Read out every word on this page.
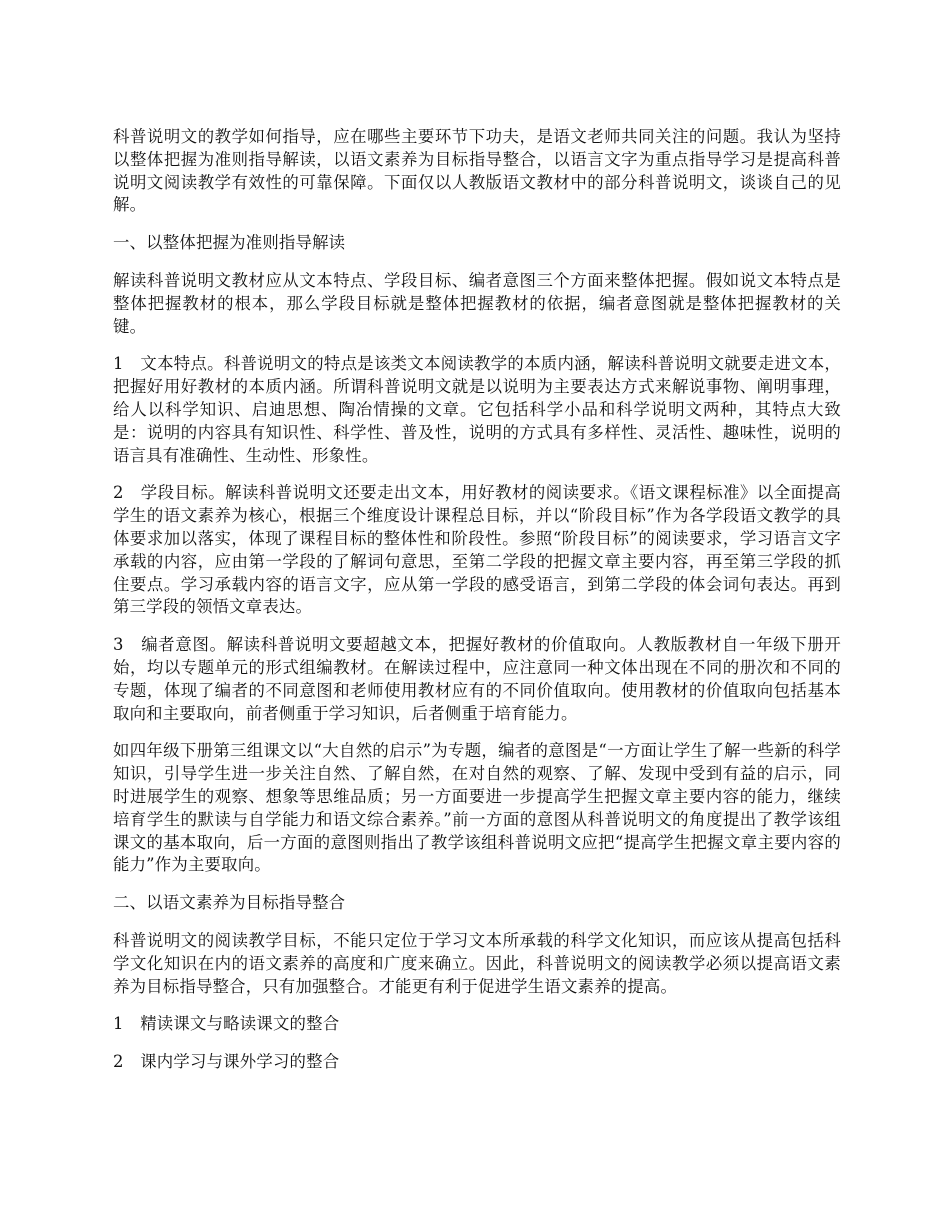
科普说明文的教学如何指导，应在哪些主要环节下功夫，是语文老师共同关注的问题。我认为坚持以整体把握为准则指导解读，以语文素养为目标指导整合，以语言文字为重点指导学习是提高科普说明文阅读教学有效性的可靠保障。下面仅以人教版语文教材中的部分科普说明文，谈谈自己的见解。

一、以整体把握为准则指导解读

解读科普说明文教材应从文本特点、学段目标、编者意图三个方面来整体把握。假如说文本特点是整体把握教材的根本，那么学段目标就是整体把握教材的依据，编者意图就是整体把握教材的关键。

1　文本特点。科普说明文的特点是该类文本阅读教学的本质内涵，解读科普说明文就要走进文本，把握好用好教材的本质内涵。所谓科普说明文就是以说明为主要表达方式来解说事物、阐明事理，给人以科学知识、启迪思想、陶冶情操的文章。它包括科学小品和科学说明文两种，其特点大致是：说明的内容具有知识性、科学性、普及性，说明的方式具有多样性、灵活性、趣味性，说明的语言具有准确性、生动性、形象性。

2　学段目标。解读科普说明文还要走出文本，用好教材的阅读要求。《语文课程标准》以全面提高学生的语文素养为核心，根据三个维度设计课程总目标，并以“阶段目标”作为各学段语文教学的具体要求加以落实，体现了课程目标的整体性和阶段性。参照“阶段目标”的阅读要求，学习语言文字承载的内容，应由第一学段的了解词句意思，至第二学段的把握文章主要内容，再至第三学段的抓住要点。学习承载内容的语言文字，应从第一学段的感受语言，到第二学段的体会词句表达。再到第三学段的领悟文章表达。

3　编者意图。解读科普说明文要超越文本，把握好教材的价值取向。人教版教材自一年级下册开始，均以专题单元的形式组编教材。在解读过程中，应注意同一种文体出现在不同的册次和不同的专题，体现了编者的不同意图和老师使用教材应有的不同价值取向。使用教材的价值取向包括基本取向和主要取向，前者侧重于学习知识，后者侧重于培育能力。

如四年级下册第三组课文以“大自然的启示”为专题，编者的意图是“一方面让学生了解一些新的科学知识，引导学生进一步关注自然、了解自然，在对自然的观察、了解、发现中受到有益的启示，同时进展学生的观察、想象等思维品质；另一方面要进一步提高学生把握文章主要内容的能力，继续培育学生的默读与自学能力和语文综合素养。”前一方面的意图从科普说明文的角度提出了教学该组课文的基本取向，后一方面的意图则指出了教学该组科普说明文应把“提高学生把握文章主要内容的能力”作为主要取向。

二、以语文素养为目标指导整合

科普说明文的阅读教学目标，不能只定位于学习文本所承载的科学文化知识，而应该从提高包括科学文化知识在内的语文素养的高度和广度来确立。因此，科普说明文的阅读教学必须以提高语文素养为目标指导整合，只有加强整合。才能更有利于促进学生语文素养的提高。

1　精读课文与略读课文的整合

2　课内学习与课外学习的整合
